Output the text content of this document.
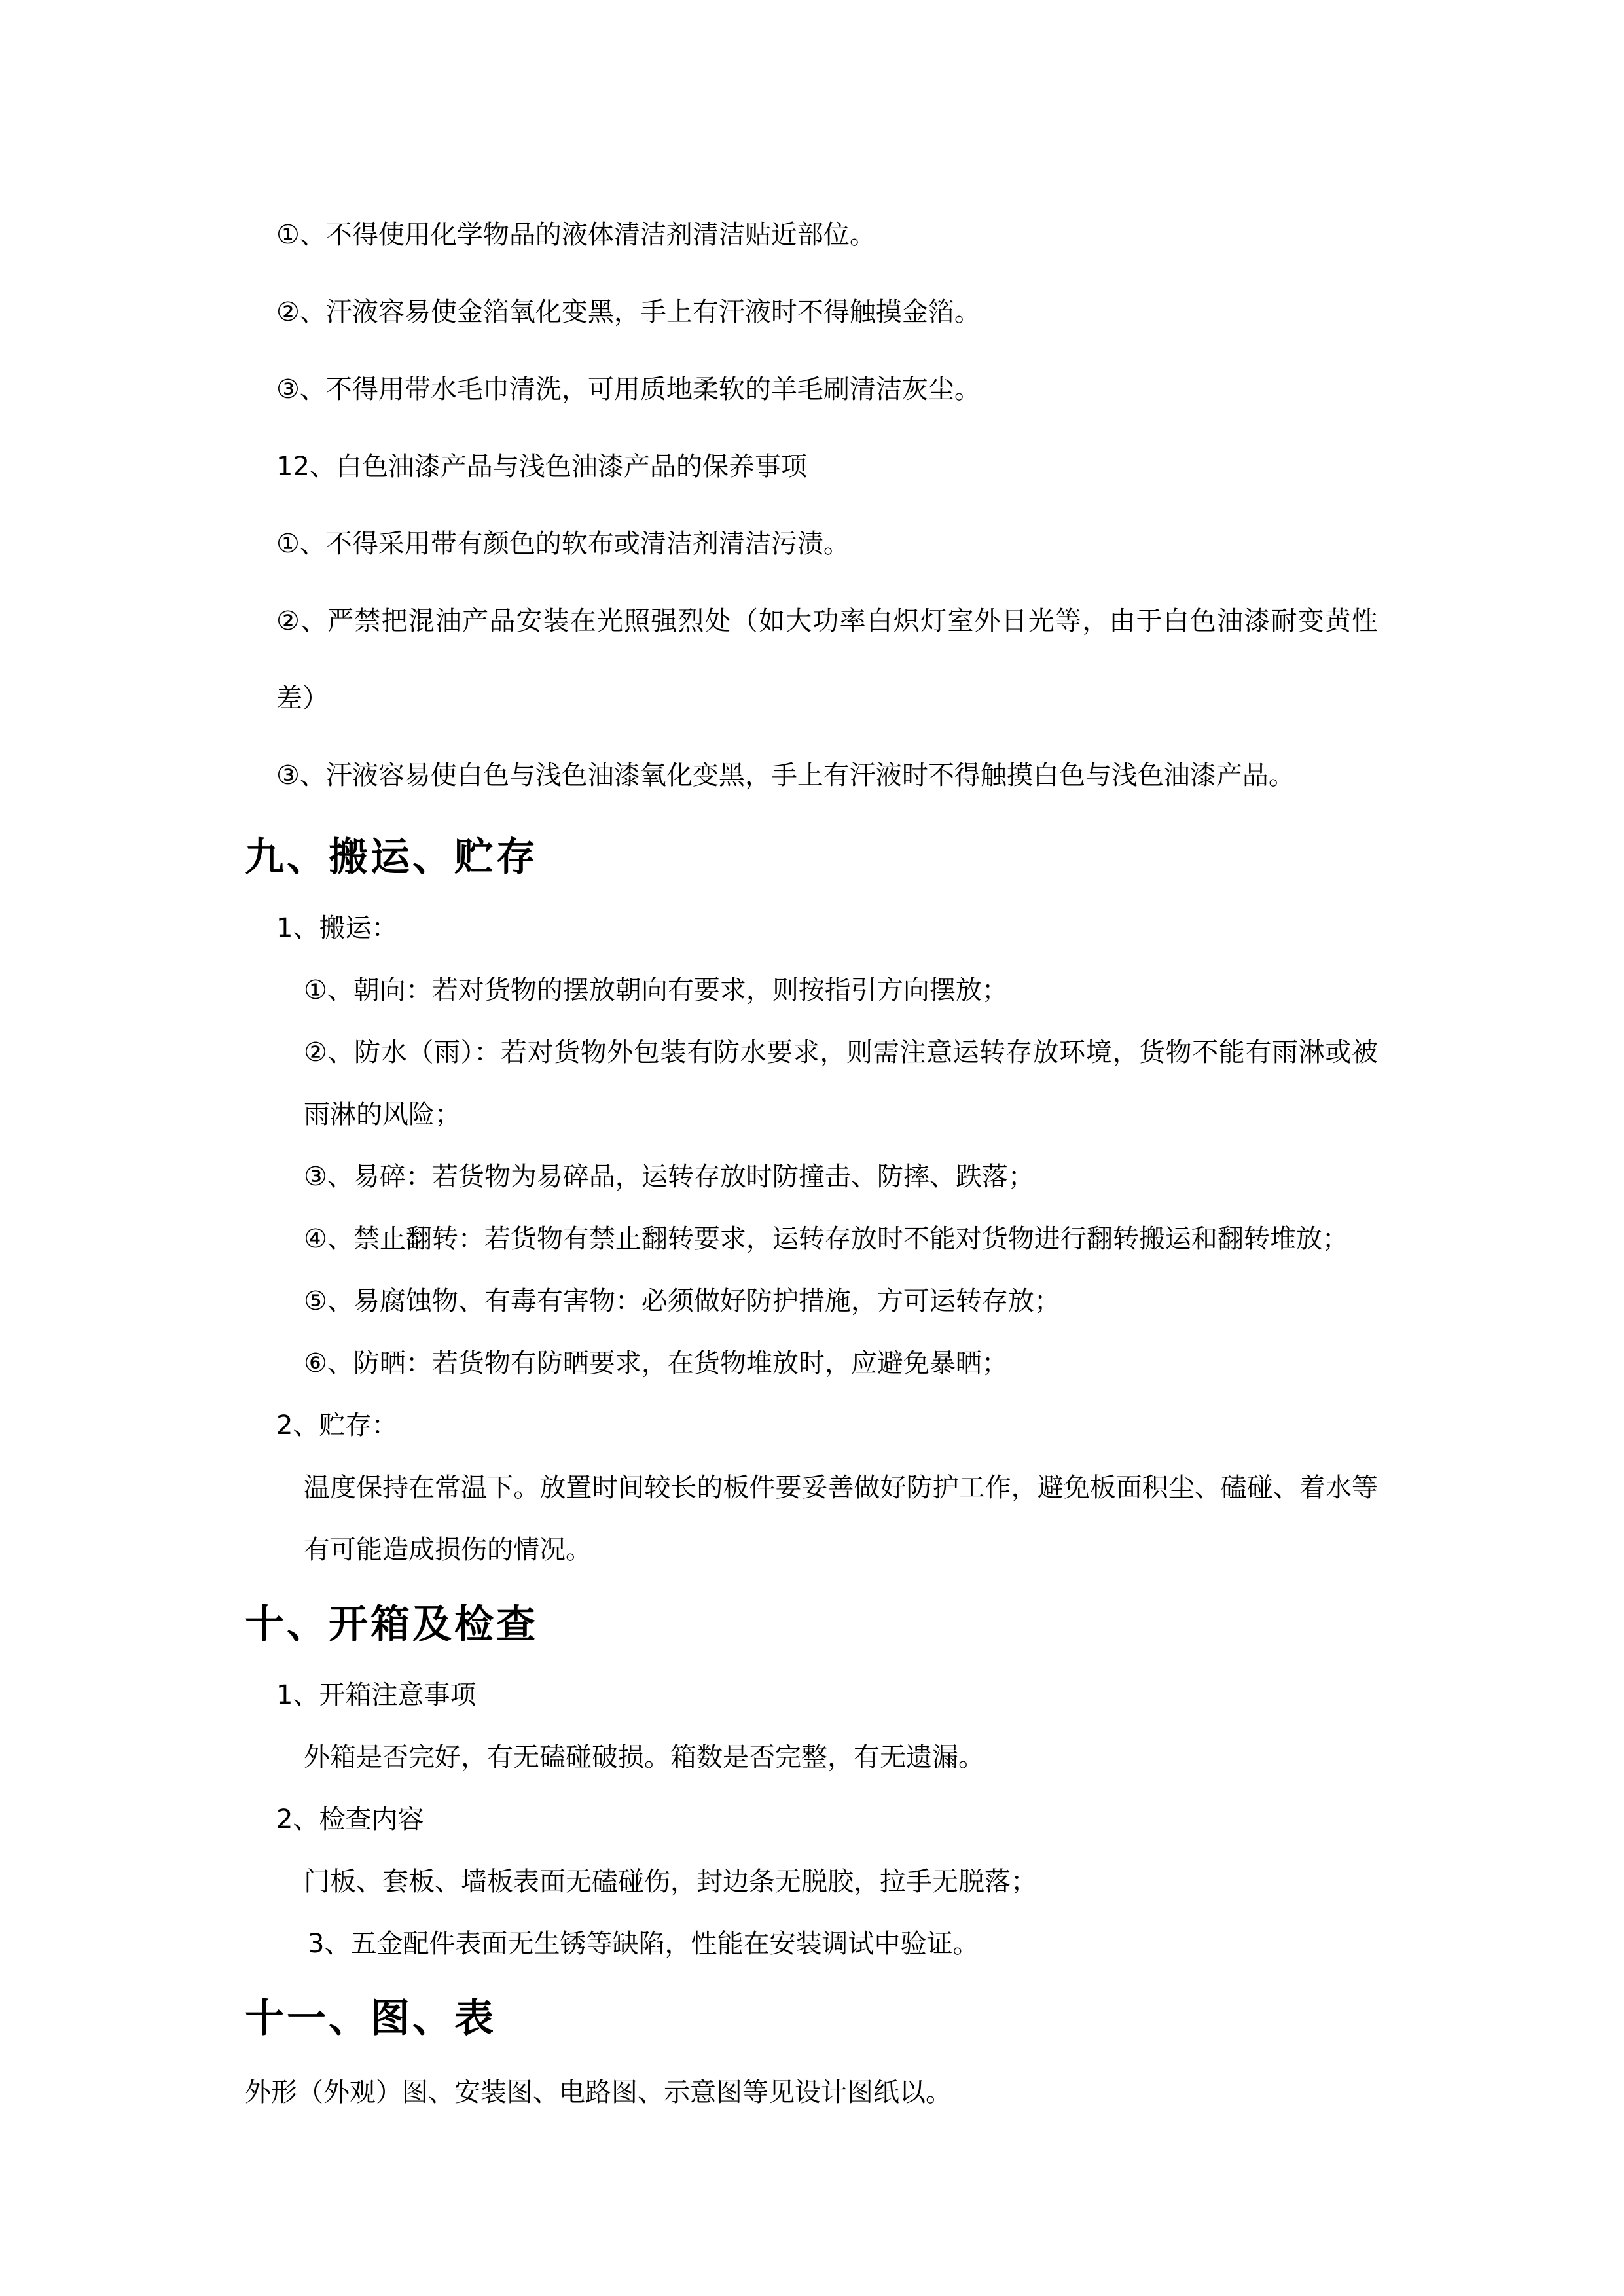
①、不得使用化学物品的液体清洁剂清洁贴近部位。

②、汗液容易使金箔氧化变黑，手上有汗液时不得触摸金箔。

③、不得用带水毛巾清洗，可用质地柔软的羊毛刷清洁灰尘。

12、白色油漆产品与浅色油漆产品的保养事项

①、不得采用带有颜色的软布或清洁剂清洁污渍。

②、严禁把混油产品安装在光照强烈处（如大功率白炽灯室外日光等，由于白色油漆耐变黄性差）

③、汗液容易使白色与浅色油漆氧化变黑，手上有汗液时不得触摸白色与浅色油漆产品。

九、搬运、贮存

1、搬运：

①、朝向：若对货物的摆放朝向有要求，则按指引方向摆放；

②、防水（雨）：若对货物外包装有防水要求，则需注意运转存放环境，货物不能有雨淋或被雨淋的风险；

③、易碎：若货物为易碎品，运转存放时防撞击、防摔、跌落；

④、禁止翻转：若货物有禁止翻转要求，运转存放时不能对货物进行翻转搬运和翻转堆放；

⑤、易腐蚀物、有毒有害物：必须做好防护措施，方可运转存放；

⑥、防晒：若货物有防晒要求，在货物堆放时，应避免暴晒；

2、贮存：

温度保持在常温下。放置时间较长的板件要妥善做好防护工作，避免板面积尘、磕碰、着水等有可能造成损伤的情况。

十、开箱及检查

1、开箱注意事项

外箱是否完好，有无磕碰破损。箱数是否完整，有无遗漏。

2、检查内容

门板、套板、墙板表面无磕碰伤，封边条无脱胶，拉手无脱落；

3、五金配件表面无生锈等缺陷，性能在安装调试中验证。

十一、图、表

外形（外观）图、安装图、电路图、示意图等见设计图纸以。
